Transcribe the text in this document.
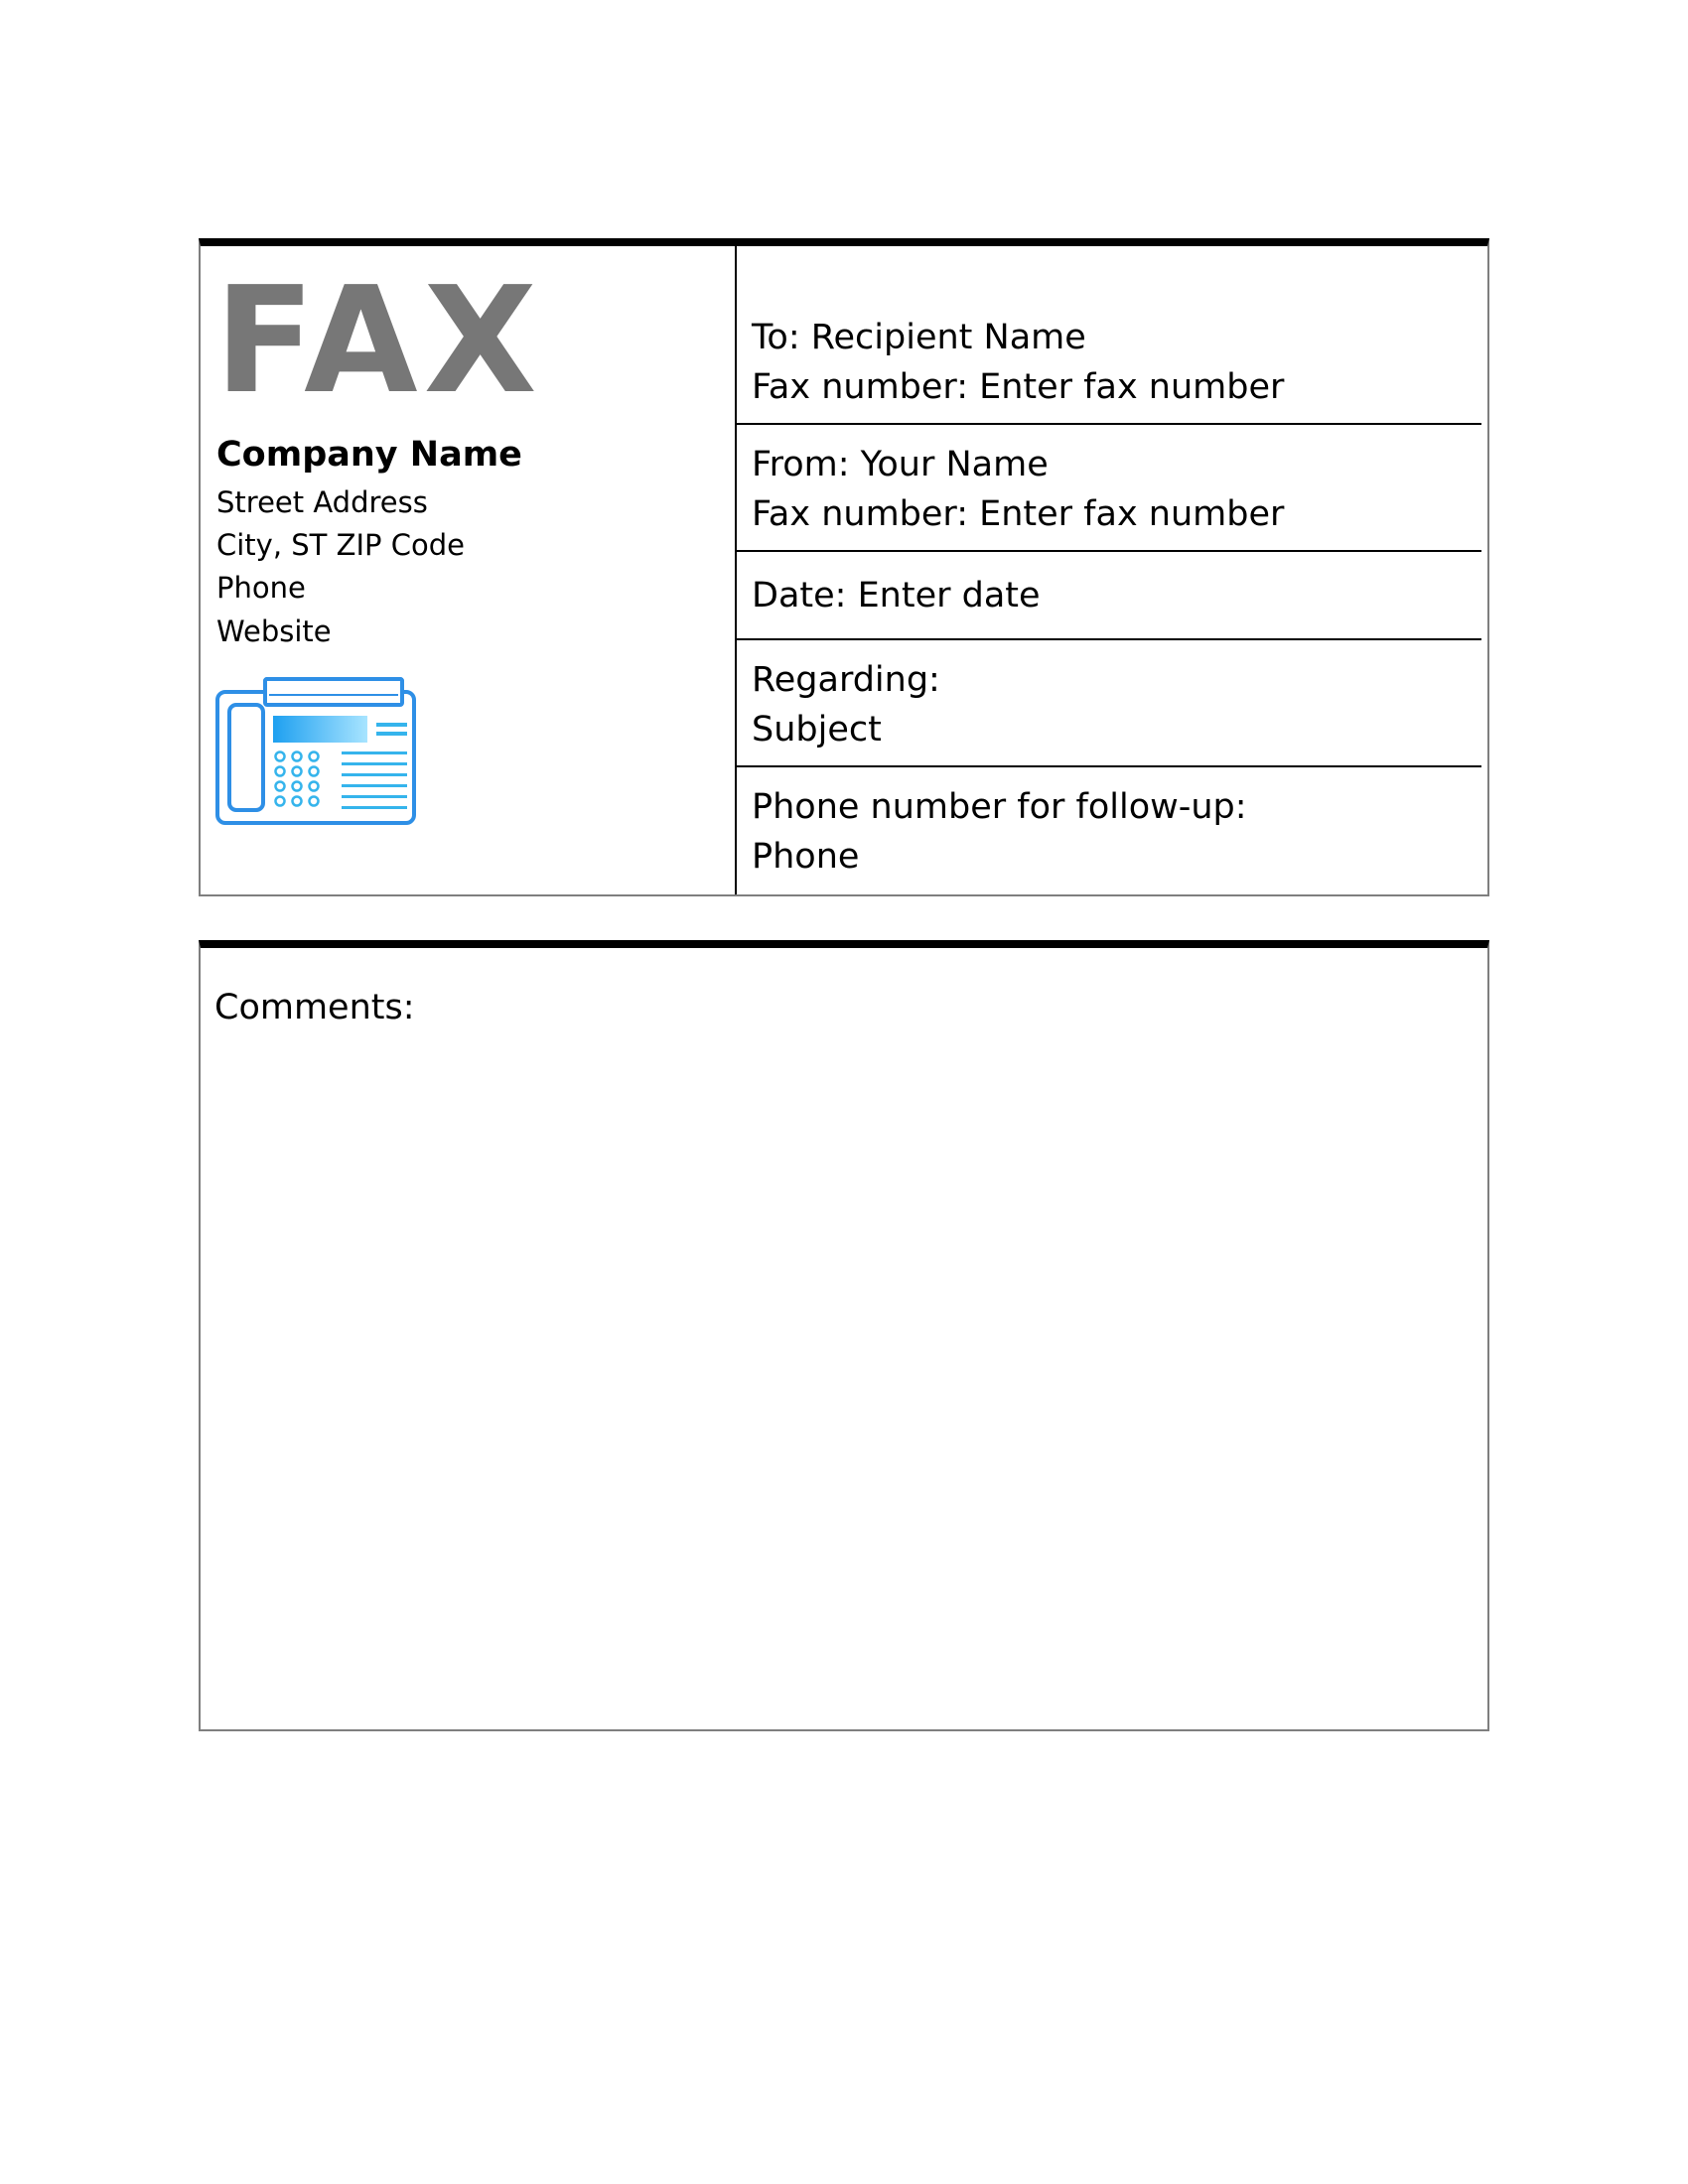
FAX
Company Name
Street Address
City, ST ZIP Code
Phone
Website
To: Recipient Name
Fax number: Enter fax number
From: Your Name
Fax number: Enter fax number
Date: Enter date
Regarding:
Subject
Phone number for follow-up:
Phone
Comments:
